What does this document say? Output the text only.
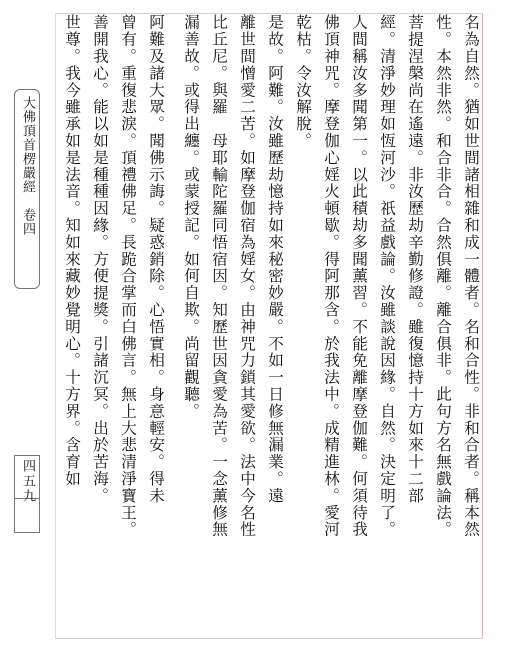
大佛頂首楞嚴經　卷四
四五九	名為自然。猶如世間諸相雜和成一體者。名和合性。非和合者。稱本然
性。本然非然。和合非合。合然俱離。離合俱非。此句方名無戲論法。
菩提涅槃尚在遙遠。非汝歷劫辛勤修證。雖復憶持十方如來十二部
經。清淨妙理如恆河沙。祇益戲論。汝雖談說因緣。自然。決定明了。
人間稱汝多聞第一。以此積劫多聞薰習。不能免離摩登伽難。何須待我
佛頂神咒。摩登伽心婬火頓歇。得阿那含。於我法中。成精進林。愛河
乾枯。令汝解脫。
是故。阿難。汝雖歷劫憶持如來秘密妙嚴。不如一日修無漏業。遠
離世間憎愛二苦。如摩登伽宿為婬女。由神咒力鎖其愛欲。法中今名性
比丘尼。與羅　母耶輸陀羅同悟宿因。知歷世因貪愛為苦。一念薰修無
漏善故。或得出纏。或蒙授記。如何自欺。尚留觀聽。
阿難及諸大眾。聞佛示誨。疑惑銷除。心悟實相。身意輕安。得未
曾有。重復悲淚。頂禮佛足。長跪合掌而白佛言。無上大悲清淨寶王。
善開我心。能以如是種種因緣。方便提獎。引諸沉冥。出於苦海。
世尊。我今雖承如是法音。知如來藏妙覺明心。十方界。含育如
